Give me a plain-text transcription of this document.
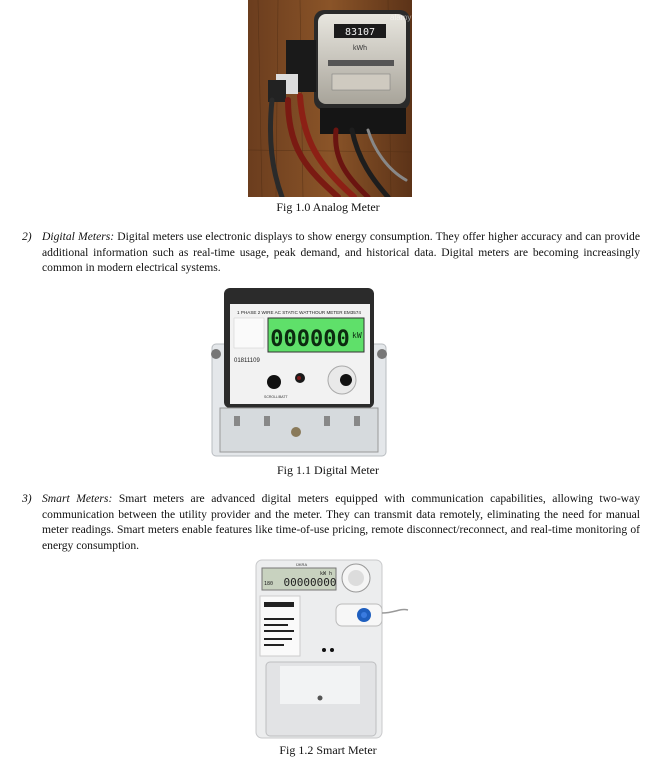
83107
kWh
alamy
Fig 1.0 Analog Meter
2) Digital Meters: Digital meters use electronic displays to show energy consumption. They offer higher accuracy and can provide additional information such as real-time usage, peak demand, and historical data. Digital meters are becoming increasingly common in modern electrical systems.
1 PHASE 2 WIRE AC STATIC WATTHOUR METER EM3574
000000 kW
01811109
SCROLL/BATT
Fig 1.1 Digital Meter
3) Smart Meters: Smart meters are advanced digital meters equipped with communication capabilities, allowing two-way communication between the utility provider and the meter. They can transmit data remotely, eliminating the need for manual meter readings. Smart meters enable features like time-of-use pricing, remote disconnect/reconnect, and real-time monitoring of energy consumption.
00000000
kW h
180
ÜKRA
Fig 1.2 Smart Meter
